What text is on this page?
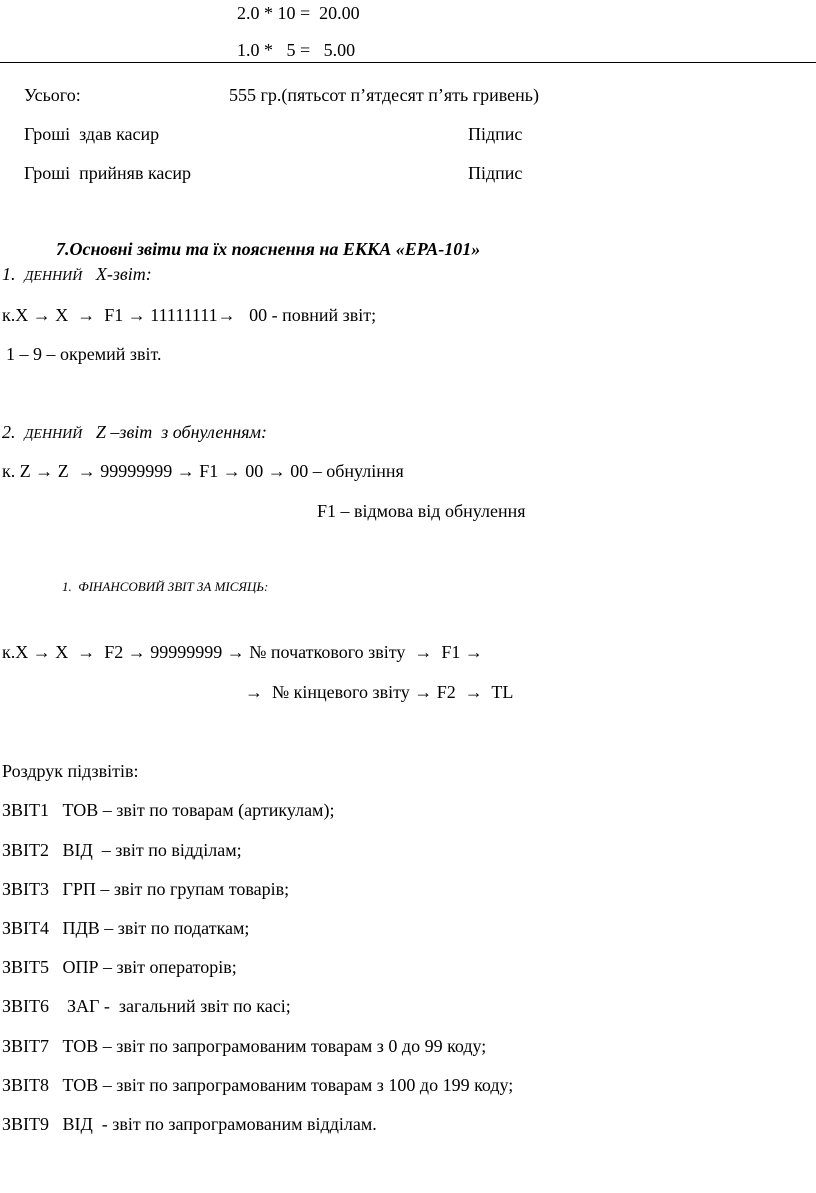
2.0 * 10 =  20.00
1.0 *   5 =   5.00
Усього:	555 гр.(пятьсот п’ятдесят п’ять гривень)
Гроші  здав касир	Підпис
Гроші  прийняв касир	Підпис
7.Основні звіти та їх пояснення на ЕККА «ЕРА-101»
1. ДЕННИЙ X-звіт:
к.Х → Х  →  F1 → 11111111→   00 - повний звіт;
1 – 9 – окремий звіт.
2. ДЕННИЙ Z –звіт  з обнуленням:
к. Z → Z  → 99999999 → F1 → 00 → 00 – обнуління
F1 – відмова від обнулення
1.  ФІНАНСОВИЙ ЗВІТ ЗА МІСЯЦЬ:
к.Х → Х  →  F2 → 99999999 → № початкового звіту  →  F1 →
→  № кінцевого звіту → F2  →  TL
Роздрук підзвітів:
ЗВІТ1   ТОВ – звіт по товарам (артикулам);
ЗВІТ2   ВІД  – звіт по відділам;
ЗВІТ3   ГРП – звіт по групам товарів;
ЗВІТ4   ПДВ – звіт по податкам;
ЗВІТ5   ОПР – звіт операторів;
ЗВІТ6    ЗАГ -  загальний звіт по касі;
ЗВІТ7   ТОВ – звіт по запрограмованим товарам з 0 до 99 коду;
ЗВІТ8   ТОВ – звіт по запрограмованим товарам з 100 до 199 коду;
ЗВІТ9   ВІД  - звіт по запрограмованим відділам.
